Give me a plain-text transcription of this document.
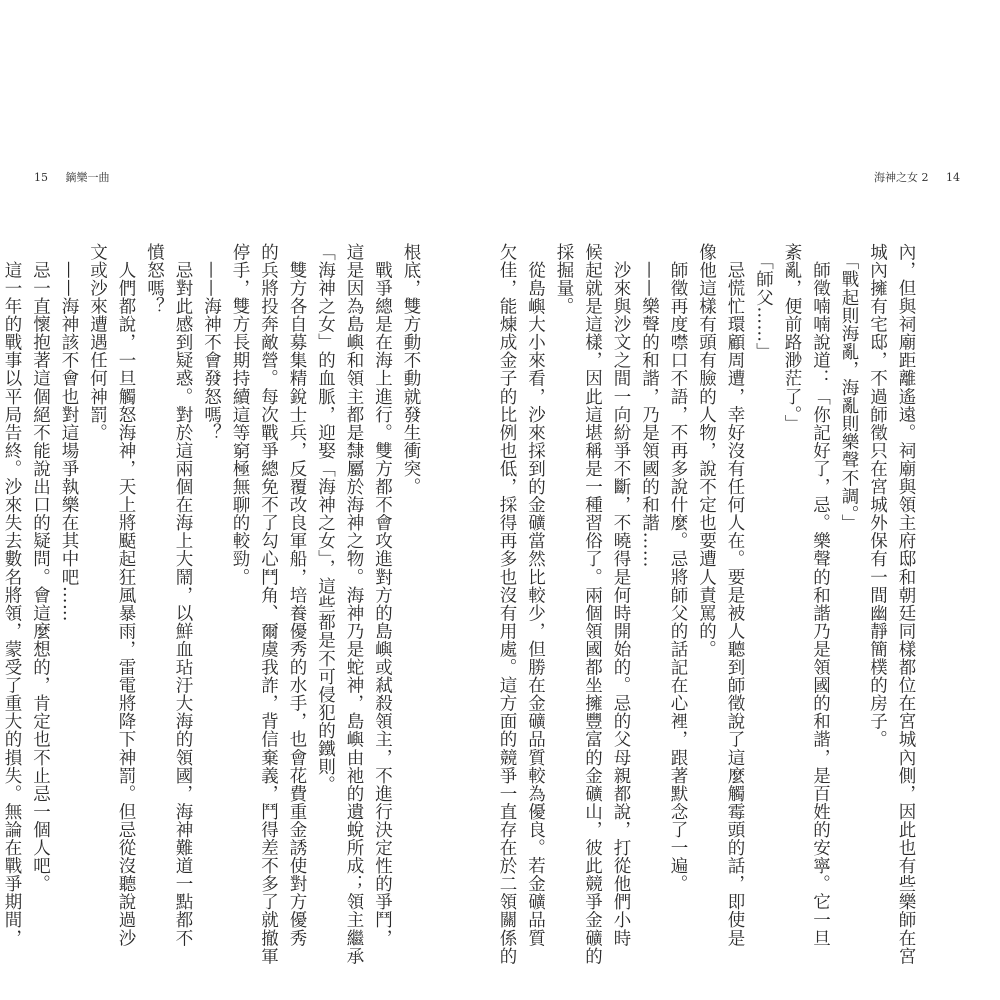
15 鏑樂一曲	海神之女 2 14

根底，雙方動不動就發生衝突。

　戰爭總是在海上進行。雙方都不會攻進對方的島嶼或弒殺領主，不進行決定性的爭鬥，

這是因為島嶼和領主都是隸屬於海神之物。海神乃是蛇神，島嶼由祂的遺蛻所成；領主繼承

「海神之女」的血脈，迎娶「海神之女」，這些都是不可侵犯的鐵則。

　雙方各自募集精銳士兵，反覆改良軍船，培養優秀的水手，也會花費重金誘使對方優秀

的兵將投奔敵營。每次戰爭總免不了勾心鬥角、爾虞我詐，背信棄義，鬥得差不多了就撤軍

停手，雙方長期持續這等窮極無聊的較勁。

　——海神不會發怒嗎？

　忌對此感到疑惑。對於這兩個在海上大鬧，以鮮血玷汙大海的領國，海神難道一點都不

憤怒嗎？

　人們都說，一旦觸怒海神，天上將颳起狂風暴雨，雷電將降下神罰。但忌從沒聽說過沙

文或沙來遭遇任何神罰。

　——海神該不會也對這場爭執樂在其中吧……

　忌一直懷抱著這個絕不能說出口的疑問。會這麼想的，肯定也不止忌一個人吧。

　這一年的戰事以平局告終。沙來失去數名將領，蒙受了重大的損失。無論在戰爭期間，	內，但與祠廟距離遙遠。祠廟與領主府邸和朝廷同樣都位在宮城內側，因此也有些樂師在宮

城內擁有宅邸，不過師徵只在宮城外保有一間幽靜簡樸的房子。

　「戰起則海亂，海亂則樂聲不調。」

　師徵喃喃說道：「你記好了，忌。樂聲的和諧乃是領國的和諧，是百姓的安寧。它一旦

紊亂，便前路渺茫了。」

　「師父……」

　忌慌忙環顧周遭，幸好沒有任何人在。要是被人聽到師徵說了這麼觸霉頭的話，即使是

像他這樣有頭有臉的人物，說不定也要遭人責罵的。

　師徵再度噤口不語，不再多說什麼。忌將師父的話記在心裡，跟著默念了一遍。

　——樂聲的和諧，乃是領國的和諧……

　沙來與沙文之間一向紛爭不斷，不曉得是何時開始的。忌的父母親都說，打從他們小時

候起就是這樣，因此這堪稱是一種習俗了。兩個領國都坐擁豐富的金礦山，彼此競爭金礦的

採掘量。

　從島嶼大小來看，沙來採到的金礦當然比較少，但勝在金礦品質較為優良。若金礦品質

欠佳，能煉成金子的比例也低，採得再多也沒有用處。這方面的競爭一直存在於二領關係的
